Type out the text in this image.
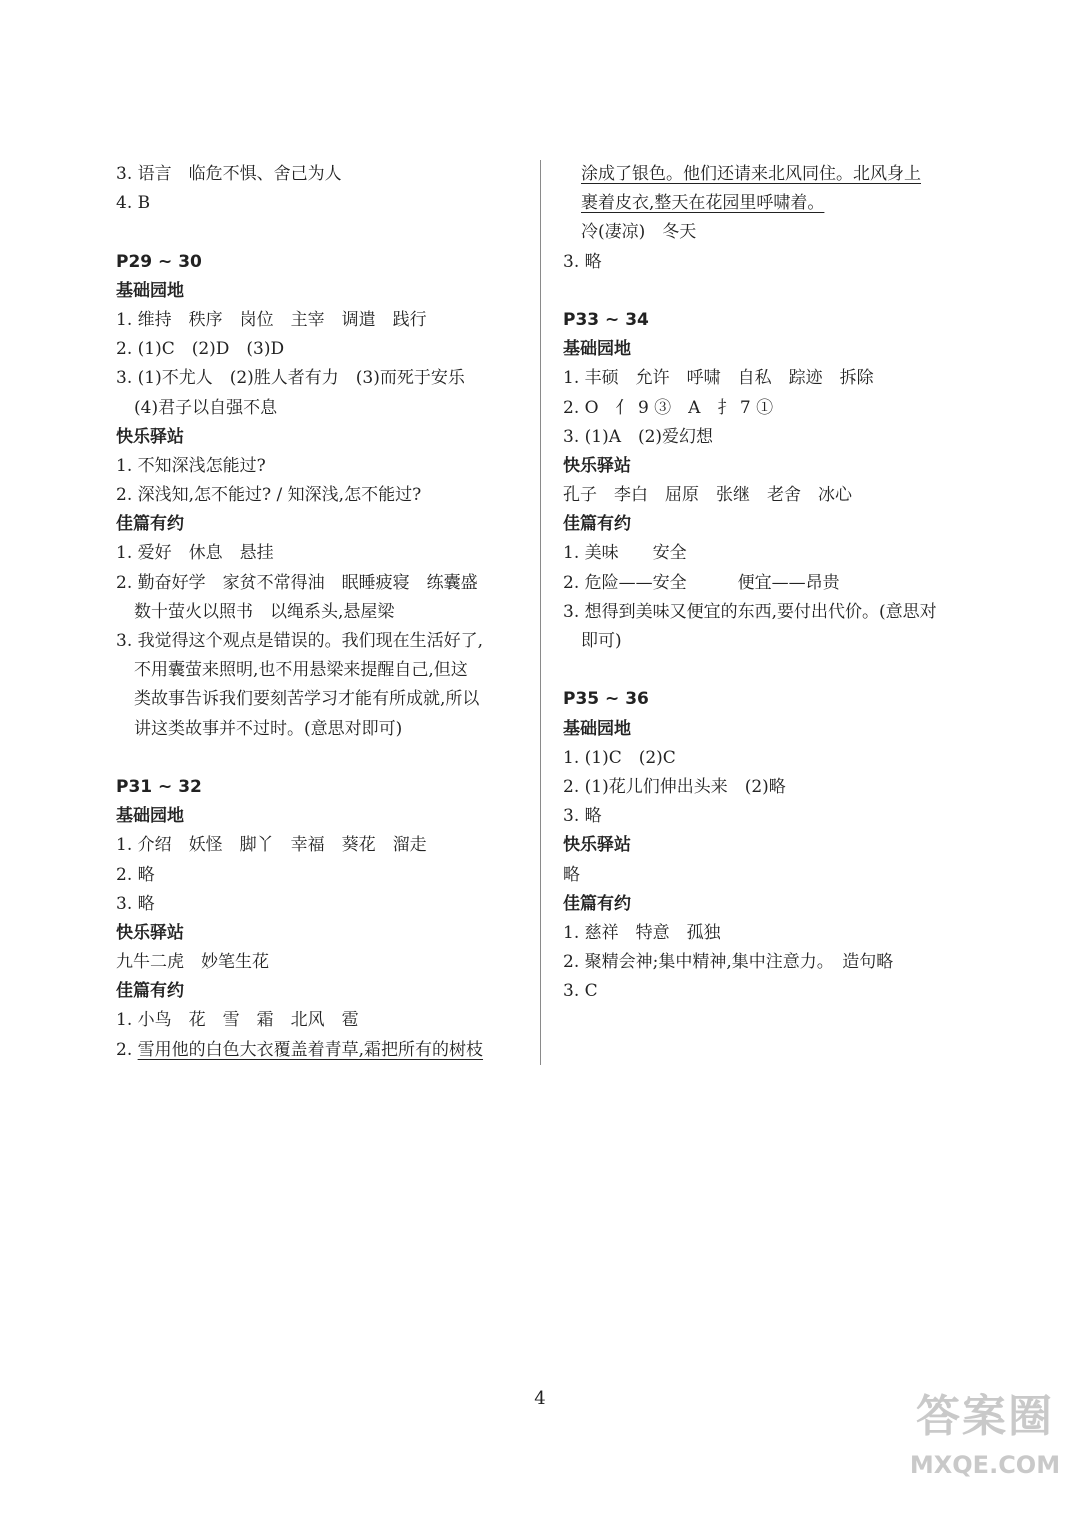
3. 语言　临危不惧、舍己为人
4. B
P29 ~ 30
基础园地
1. 维持　秩序　岗位　主宰　调遣　践行
2. (1)C　(2)D　(3)D
3. (1)不尤人　(2)胜人者有力　(3)而死于安乐
(4)君子以自强不息
快乐驿站
1. 不知深浅怎能过?
2. 深浅知,怎不能过? / 知深浅,怎不能过?
佳篇有约
1. 爱好　休息　悬挂
2. 勤奋好学　家贫不常得油　眠睡疲寝　练囊盛
数十萤火以照书　以绳系头,悬屋梁
3. 我觉得这个观点是错误的。我们现在生活好了,
不用囊萤来照明,也不用悬梁来提醒自己,但这
类故事告诉我们要刻苦学习才能有所成就,所以
讲这类故事并不过时。(意思对即可)
P31 ~ 32
基础园地
1. 介绍　妖怪　脚丫　幸福　葵花　溜走
2. 略
3. 略
快乐驿站
九牛二虎　妙笔生花
佳篇有约
1. 小鸟　花　雪　霜　北风　雹
2. 雪用他的白色大衣覆盖着青草,霜把所有的树枝
涂成了银色。他们还请来北风同住。北风身上
裹着皮衣,整天在花园里呼啸着。
冷(凄凉)　冬天
3. 略
P33 ~ 34
基础园地
1. 丰硕　允许　呼啸　自私　踪迹　拆除
2. O　亻 9 ③　A　扌 7 ①
3. (1)A　(2)爱幻想
快乐驿站
孔子　李白　屈原　张继　老舍　冰心
佳篇有约
1. 美味　　安全
2. 危险——安全　　　便宜——昂贵
3. 想得到美味又便宜的东西,要付出代价。(意思对
即可)
P35 ~ 36
基础园地
1. (1)C　(2)C
2. (1)花儿们伸出头来　(2)略
3. 略
快乐驿站
略
佳篇有约
1. 慈祥　特意　孤独
2. 聚精会神;集中精神,集中注意力。　造句略
3. C
4	答案圈
MXQE.COM
